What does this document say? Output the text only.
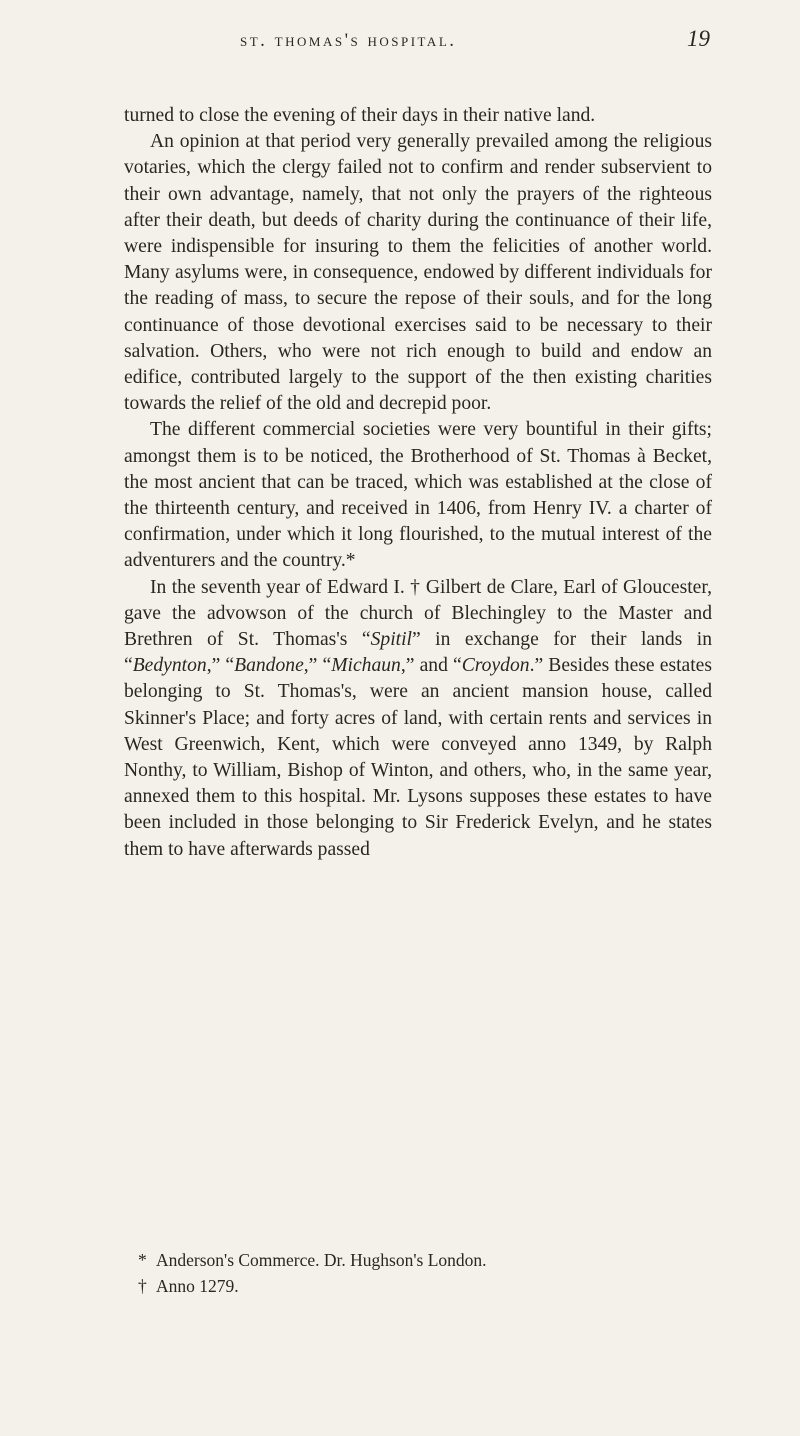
st. thomas's hospital.	19

turned to close the evening of their days in their native land.

An opinion at that period very generally prevailed among the religious votaries, which the clergy failed not to confirm and render subservient to their own advantage, namely, that not only the prayers of the righteous after their death, but deeds of charity during the continuance of their life, were indispensible for insuring to them the felicities of another world. Many asylums were, in consequence, endowed by different individuals for the reading of mass, to secure the repose of their souls, and for the long continuance of those devotional exercises said to be necessary to their salvation. Others, who were not rich enough to build and endow an edifice, contributed largely to the support of the then existing charities towards the relief of the old and decrepid poor.

The different commercial societies were very bountiful in their gifts; amongst them is to be noticed, the Brotherhood of St. Thomas à Becket, the most ancient that can be traced, which was established at the close of the thirteenth century, and received in 1406, from Henry IV. a charter of confirmation, under which it long flourished, to the mutual interest of the adventurers and the country.*

In the seventh year of Edward I. † Gilbert de Clare, Earl of Gloucester, gave the advowson of the church of Blechingley to the Master and Brethren of St. Thomas's “Spitil” in exchange for their lands in “Bedynton,” “Bandone,” “Michaun,” and “Croydon.” Besides these estates belonging to St. Thomas's, were an ancient mansion house, called Skinner's Place; and forty acres of land, with certain rents and services in West Greenwich, Kent, which were conveyed anno 1349, by Ralph Nonthy, to William, Bishop of Winton, and others, who, in the same year, annexed them to this hospital. Mr. Lysons supposes these estates to have been included in those belonging to Sir Frederick Evelyn, and he states them to have afterwards passed

* Anderson's Commerce. Dr. Hughson's London.
† Anno 1279.
